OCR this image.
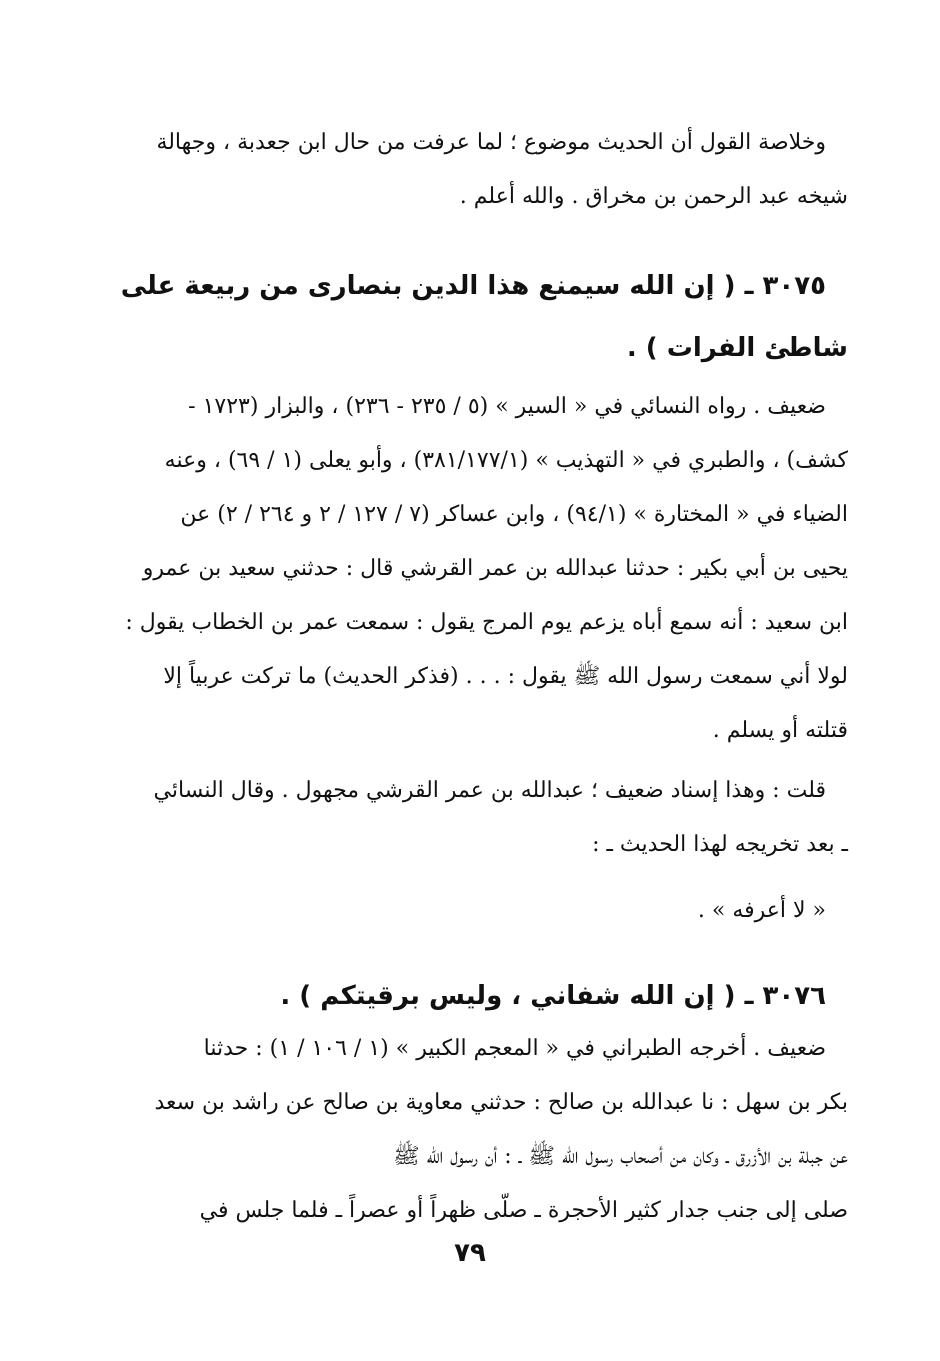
وخلاصة القول أن الحديث موضوع ؛ لما عرفت من حال ابن جعدبة ، وجهالة
شيخه عبد الرحمن بن مخراق . والله أعلم .
٣٠٧٥ ـ ( إن الله سيمنع هذا الدين بنصارى من ربيعة على
شاطئ الفرات ) .
ضعيف . رواه النسائي في « السير » (٥ / ٢٣٥ - ٢٣٦) ، والبزار (١٧٢٣ -
كشف) ، والطبري في « التهذيب » (٣٨١/١٧٧/١) ، وأبو يعلى (١ / ٦٩) ، وعنه
الضياء في « المختارة » (٩٤/١) ، وابن عساكر (٧ / ١٢٧ / ٢ و ٢٦٤ / ٢) عن
يحيى بن أبي بكير : حدثنا عبدالله بن عمر القرشي قال : حدثني سعيد بن عمرو
ابن سعيد : أنه سمع أباه يزعم يوم المرج يقول : سمعت عمر بن الخطاب يقول :
لولا أني سمعت رسول الله ﷺ يقول : . . . (فذكر الحديث) ما تركت عربياً إلا
قتلته أو يسلم .
قلت : وهذا إسناد ضعيف ؛ عبدالله بن عمر القرشي مجهول . وقال النسائي
ـ بعد تخريجه لهذا الحديث ـ :
« لا أعرفه » .
٣٠٧٦ ـ ( إن الله شفاني ، وليس برقيتكم ) .
ضعيف . أخرجه الطبراني في « المعجم الكبير » (١ / ١٠٦ / ١) : حدثنا
بكر بن سهل : نا عبدالله بن صالح : حدثني معاوية بن صالح عن راشد بن سعد
عن جبلة بن الأزرق ـ وكان من أصحاب رسول الله ﷺ ـ : أن رسول الله ﷺ
صلى إلى جنب جدار كثير الأحجرة ـ صلّى ظهراً أو عصراً ـ فلما جلس في
٧٩
